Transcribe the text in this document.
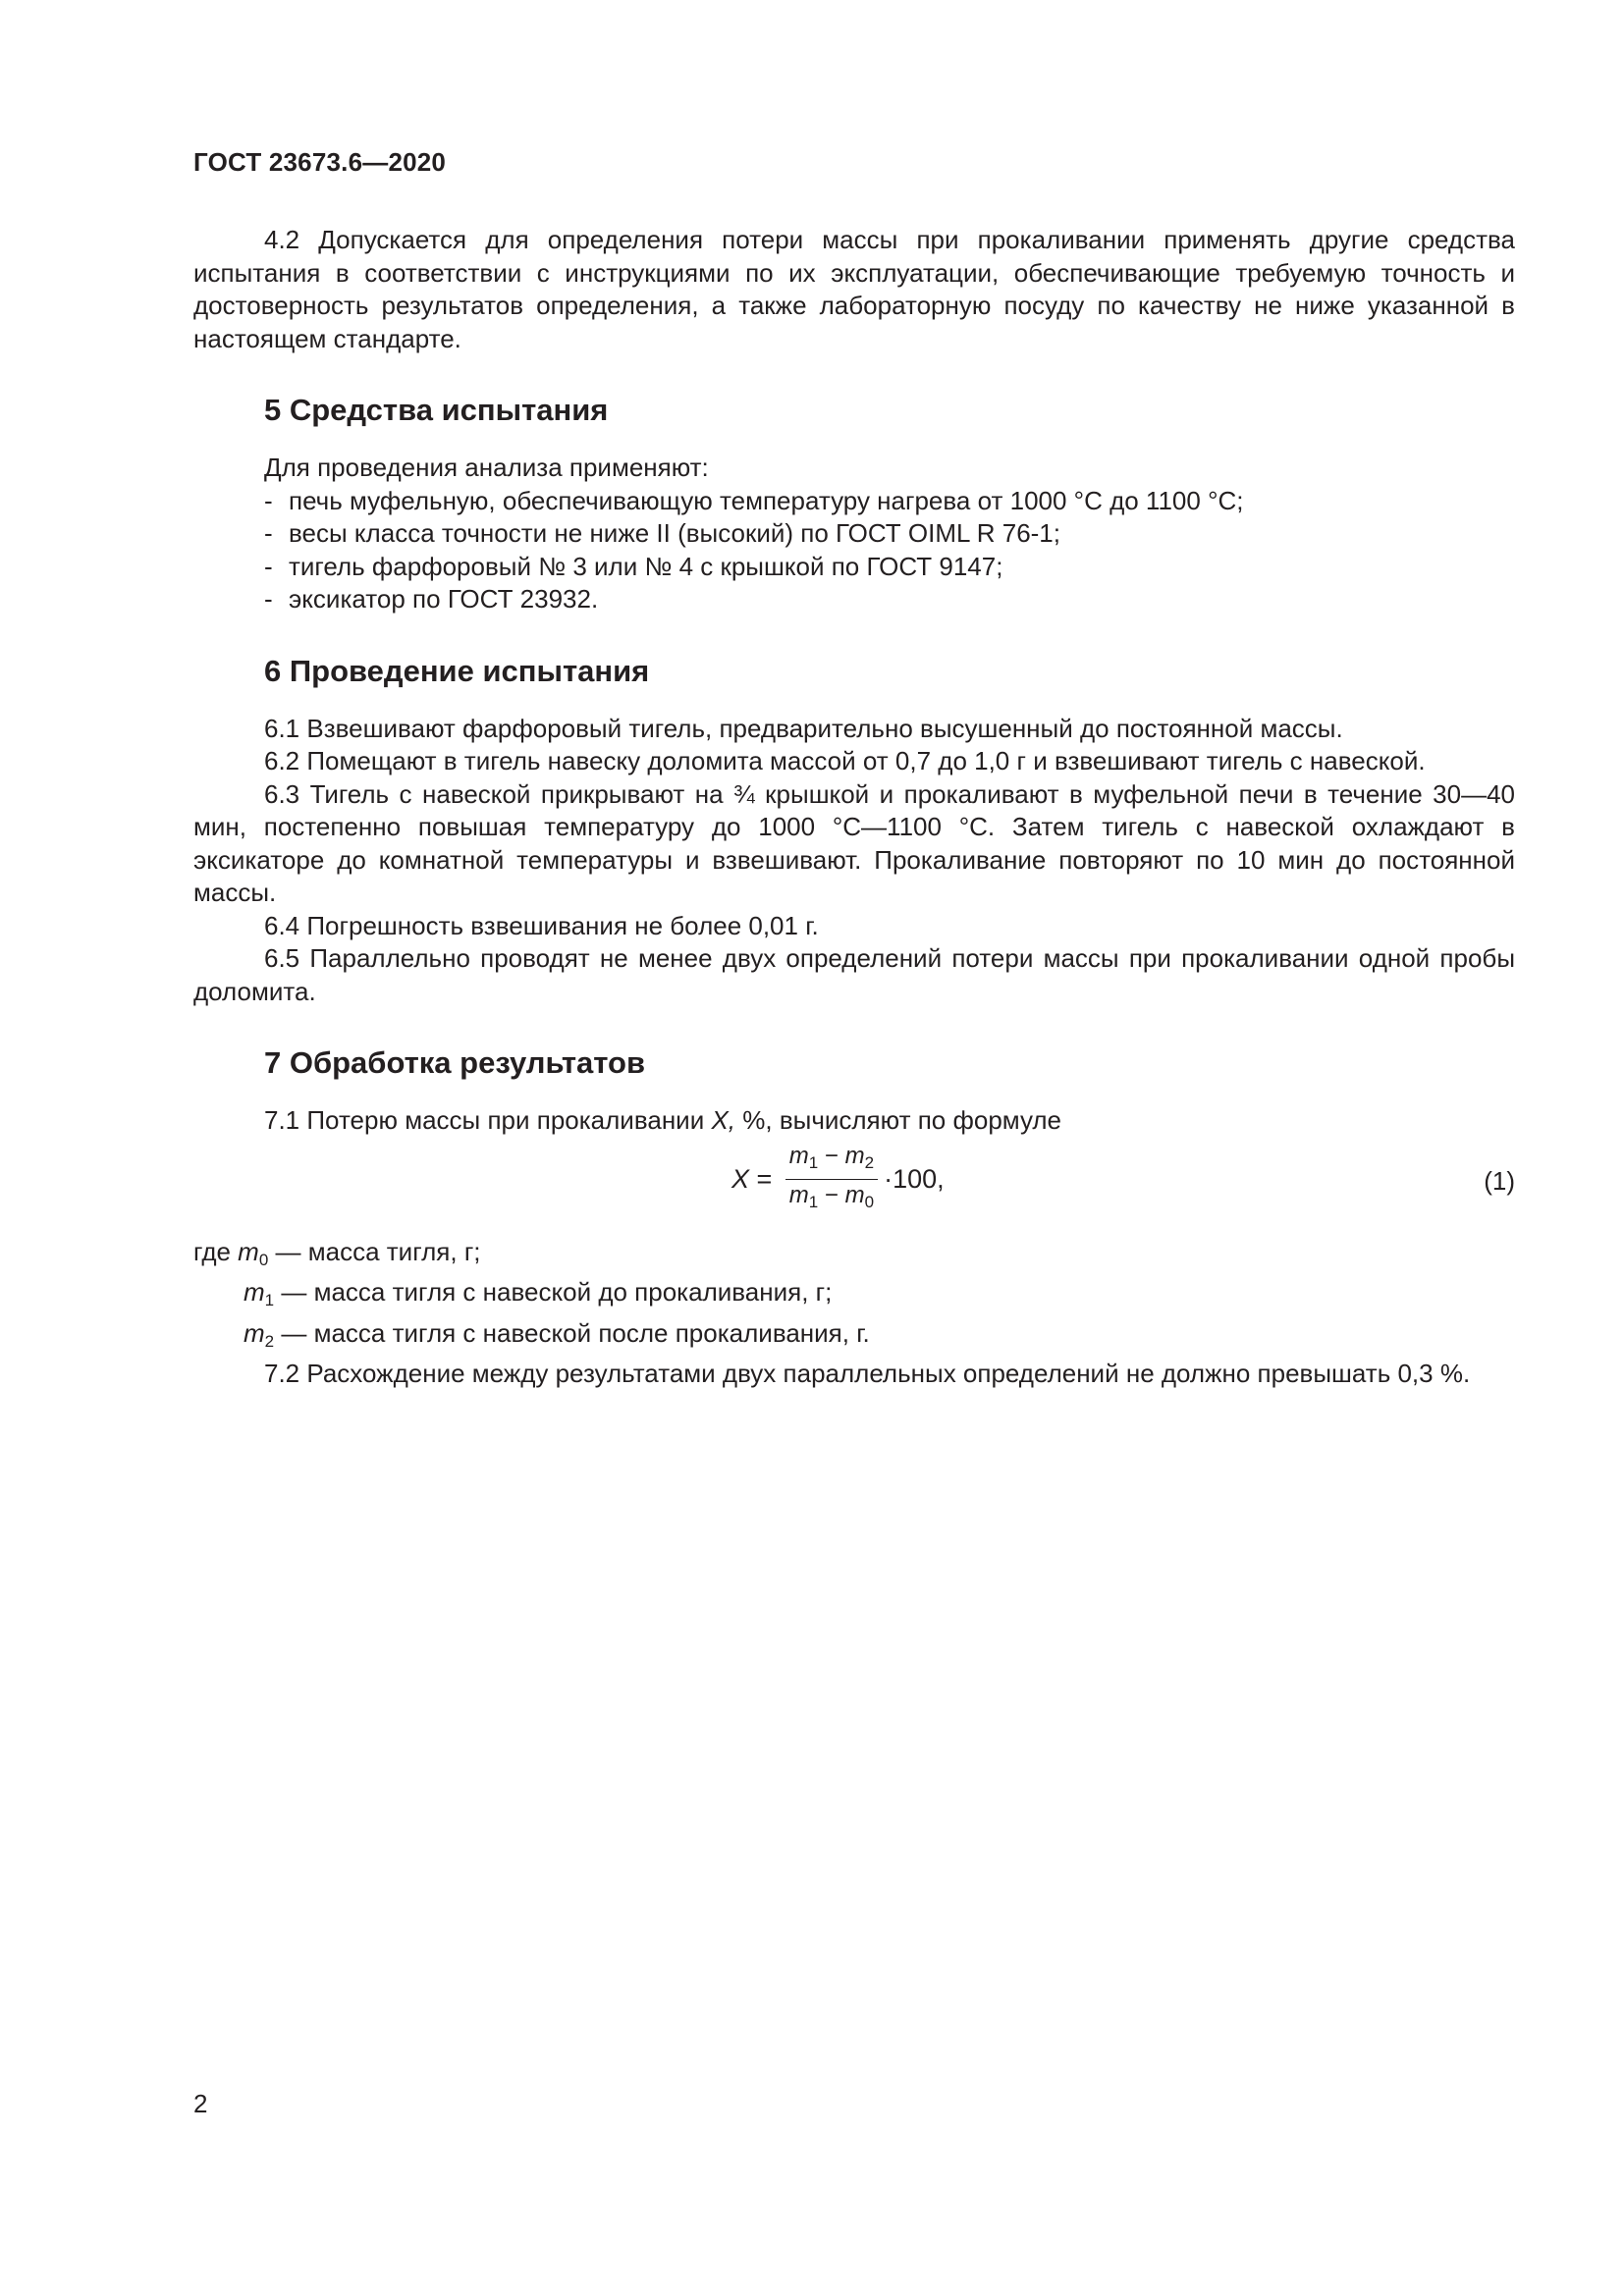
ГОСТ 23673.6—2020

4.2 Допускается для определения потери массы при прокаливании применять другие средства испытания в соответствии с инструкциями по их эксплуатации, обеспечивающие требуемую точность и достоверность результатов определения, а также лабораторную посуду по качеству не ниже указанной в настоящем стандарте.

5 Средства испытания
Для проведения анализа применяют:
- печь муфельную, обеспечивающую температуру нагрева от 1000 °С до 1100 °С;
- весы класса точности не ниже II (высокий) по ГОСТ OIML R 76-1;
- тигель фарфоровый № 3 или № 4 с крышкой по ГОСТ 9147;
- эксикатор по ГОСТ 23932.
6 Проведение испытания

6.1 Взвешивают фарфоровый тигель, предварительно высушенный до постоянной массы.

6.2 Помещают в тигель навеску доломита массой от 0,7 до 1,0 г и взвешивают тигель с навеской.

6.3 Тигель с навеской прикрывают на ¾ крышкой и прокаливают в муфельной печи в течение 30—40 мин, постепенно повышая температуру до 1000 °С—1100 °С. Затем тигель с навеской охлаждают в эксикаторе до комнатной температуры и взвешивают. Прокаливание повторяют по 10 мин до постоянной массы.

6.4 Погрешность взвешивания не более 0,01 г.

6.5 Параллельно проводят не менее двух определений потери массы при прокаливании одной пробы доломита.

7 Обработка результатов

7.1 Потерю массы при прокаливании X, %, вычисляют по формуле

$X = \frac{m_1 - m_2}{m_1 - m_0} \cdot 100$,	(1)
где $m_0$ — масса тигля, г;
$m_1$ — масса тигля с навеской до прокаливания, г;
$m_2$ — масса тигля с навеской после прокаливания, г.

7.2 Расхождение между результатами двух параллельных определений не должно превышать 0,3 %.

2
